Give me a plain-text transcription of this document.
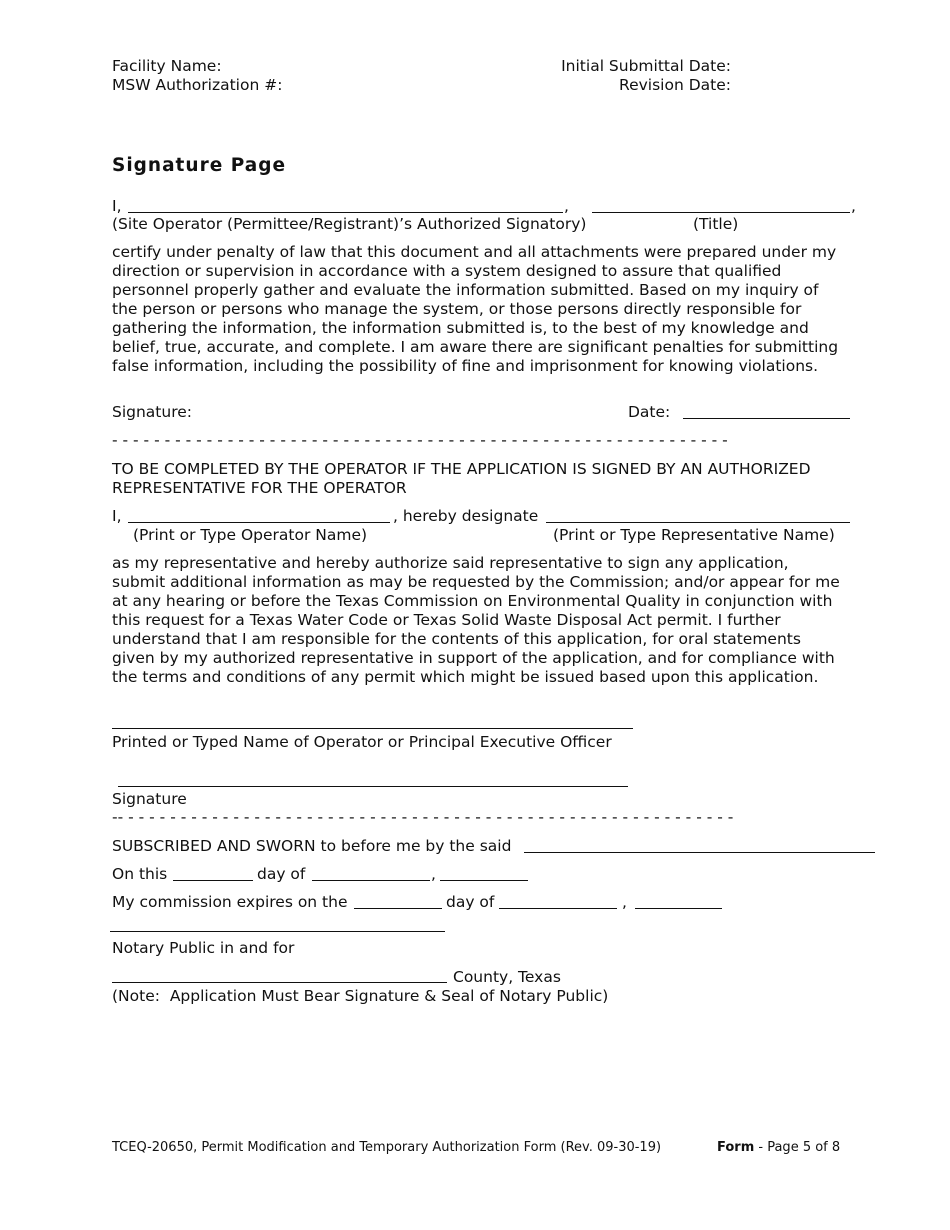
Facility Name:
MSW Authorization #:
Initial Submittal Date:
Revision Date:
Signature Page
I,	,	,
(Site Operator (Permittee/Registrant)’s Authorized Signatory)	(Title)
certify under penalty of law that this document and all attachments were prepared under my direction or supervision in accordance with a system designed to assure that qualified personnel properly gather and evaluate the information submitted. Based on my inquiry of the person or persons who manage the system, or those persons directly responsible for gathering the information, the information submitted is, to the best of my knowledge and belief, true, accurate, and complete. I am aware there are significant penalties for submitting false information, including the possibility of fine and imprisonment for knowing violations.
Signature:	Date:
- - - - - - - - - - - - - - - - - - - - - - - - - - - - - - - - - - - - - - - - - - - - - - - - - - - - - - - - - - -
TO BE COMPLETED BY THE OPERATOR IF THE APPLICATION IS SIGNED BY AN AUTHORIZED
REPRESENTATIVE FOR THE OPERATOR
I,	, hereby designate
(Print or Type Operator Name)	(Print or Type Representative Name)
as my representative and hereby authorize said representative to sign any application, submit additional information as may be requested by the Commission; and/or appear for me at any hearing or before the Texas Commission on Environmental Quality in conjunction with this request for a Texas Water Code or Texas Solid Waste Disposal Act permit. I further understand that I am responsible for the contents of this application, for oral statements given by my authorized representative in support of the application, and for compliance with the terms and conditions of any permit which might be issued based upon this application.
Printed or Typed Name of Operator or Principal Executive Officer
Signature
-- - - - - - - - - - - - - - - - - - - - - - - - - - - - - - - - - - - - - - - - - - - - - - - - - - - - - - - - - - -
SUBSCRIBED AND SWORN to before me by the said
On this	day of	,
My commission expires on the	day of	,
Notary Public in and for
County, Texas
(Note:  Application Must Bear Signature & Seal of Notary Public)
TCEQ-20650, Permit Modification and Temporary Authorization Form (Rev. 09-30-19)	Form - Page 5 of 8
